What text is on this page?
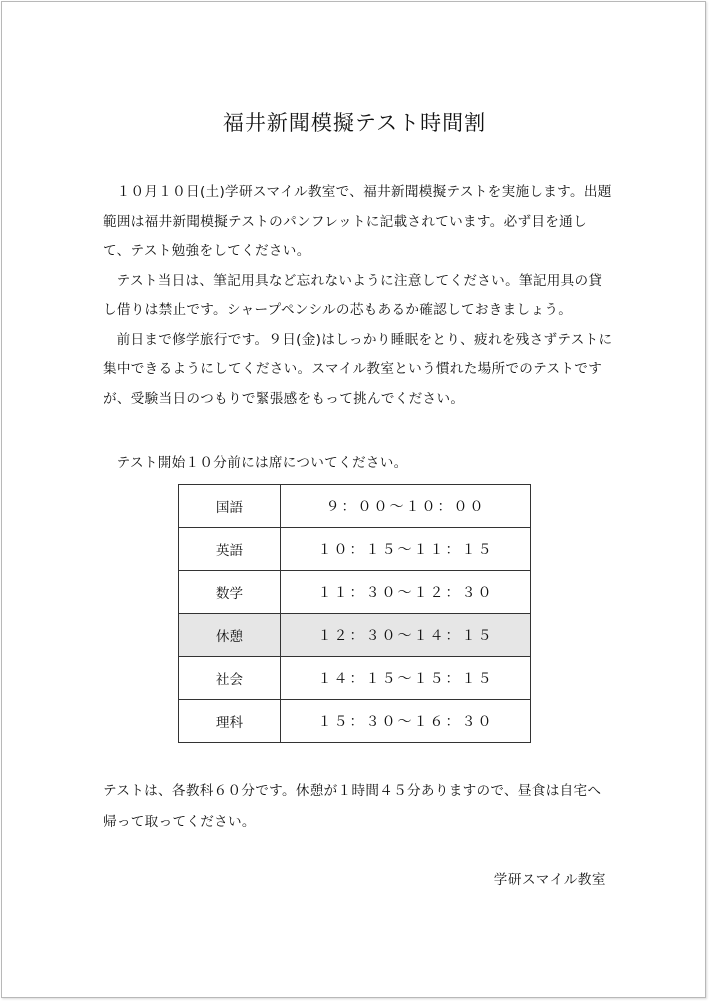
福井新聞模擬テスト時間割

１０月１０日(土)学研スマイル教室で、福井新聞模擬テストを実施します。出題範囲は福井新聞模擬テストのパンフレットに記載されています。必ず目を通して、テスト勉強をしてください。

テスト当日は、筆記用具など忘れないように注意してください。筆記用具の貸し借りは禁止です。シャープペンシルの芯もあるか確認しておきましょう。

前日まで修学旅行です。９日(金)はしっかり睡眠をとり、疲れを残さずテストに集中できるようにしてください。スマイル教室という慣れた場所でのテストですが、受験当日のつもりで緊張感をもって挑んでください。

テスト開始１０分前には席についてください。
国語	９：００～１０：００
英語	１０：１５～１１：１５
数学	１１：３０～１２：３０
休憩	１２：３０～１４：１５
社会	１４：１５～１５：１５
理科	１５：３０～１６：３０
テストは、各教科６０分です。休憩が１時間４５分ありますので、昼食は自宅へ帰って取ってください。
学研スマイル教室
